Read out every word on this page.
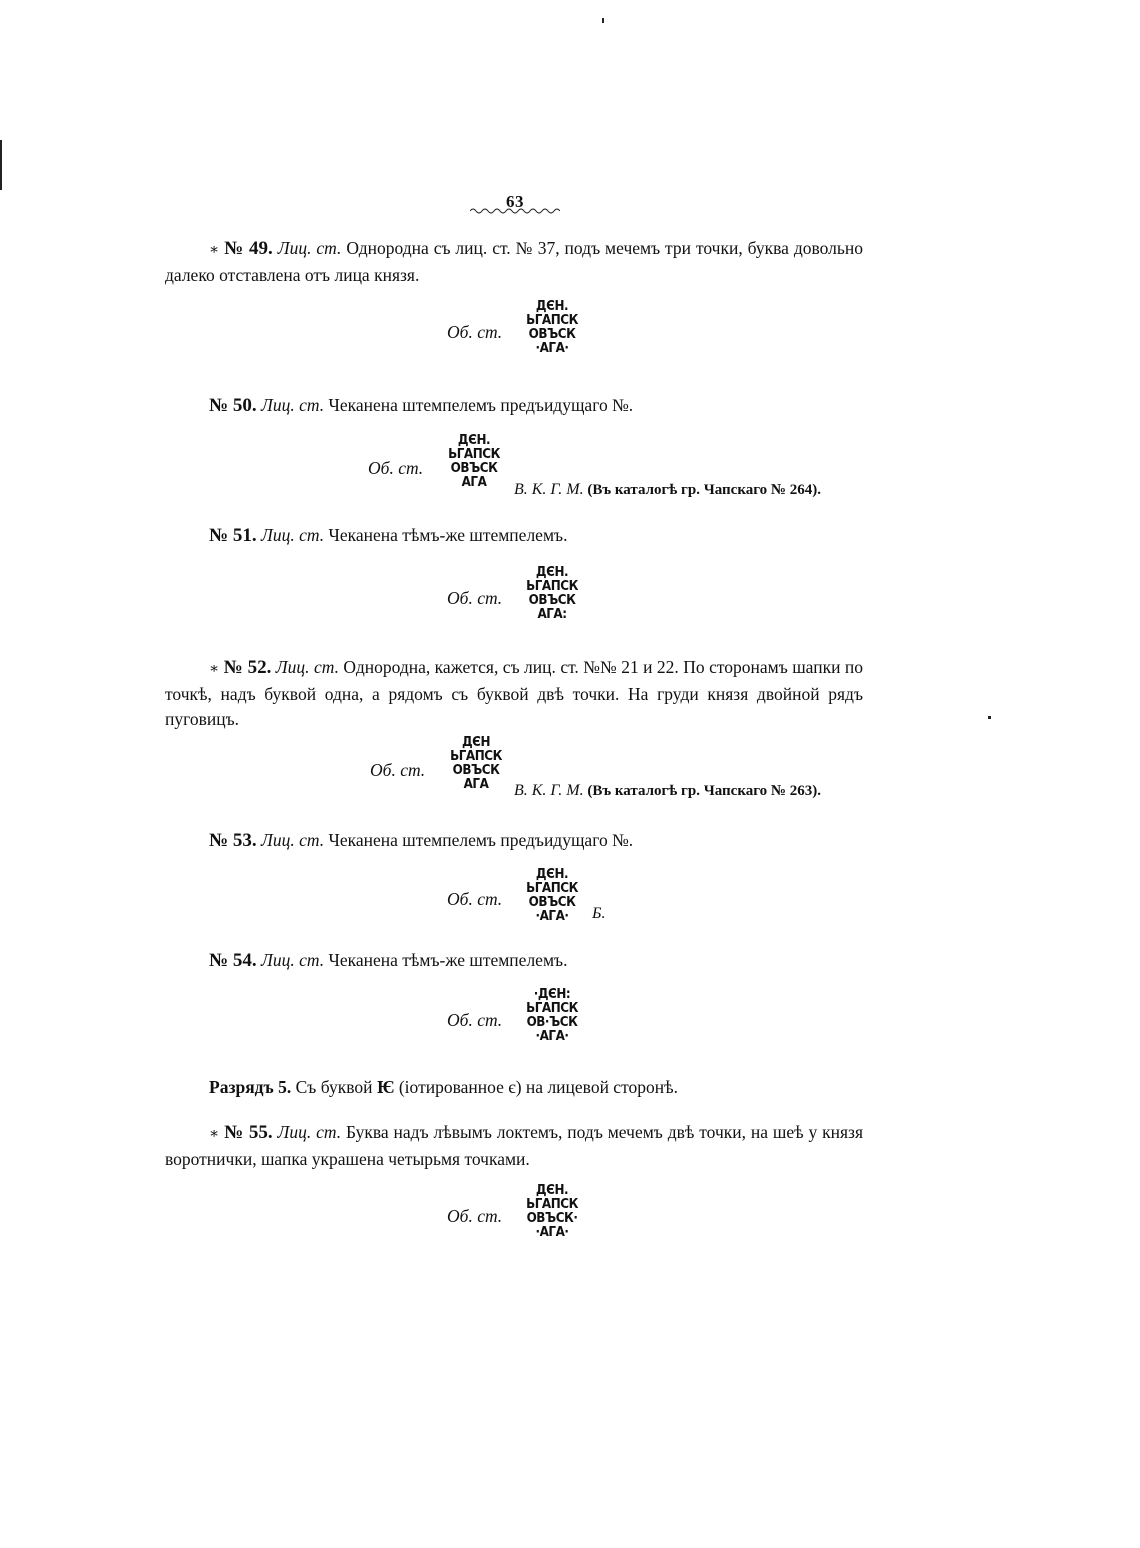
63
∗ № 49. Лиц. ст. Однородна съ лиц. ст. № 37, подъ мечемъ три точки, буква довольно далеко отставлена отъ лица князя.
Об. ст.
ДЄН.
ЬГАПСК
ОВЪСК
·АГА·
№ 50. Лиц. ст. Чеканена штемпелемъ предъидущаго №.
Об. ст.
ДЄН.
ЬГАПСК
ОВЪСК
АГА	В. К. Г. М. (Въ каталогѣ гр. Чапскаго № 264).
№ 51. Лиц. ст. Чеканена тѣмъ-же штемпелемъ.
Об. ст.
ДЄН.
ЬГАПСК
ОВЪСК
АГА:
∗ № 52. Лиц. ст. Однородна, кажется, съ лиц. ст. №№ 21 и 22. По сторонамъ шапки по точкѣ, надъ буквой одна, а рядомъ съ буквой двѣ точки. На груди князя двойной рядъ пуговицъ.
Об. ст.
ДЄН
ЬГАПСК
ОВЪСК
АГА	В. К. Г. М. (Въ каталогѣ гр. Чапскаго № 263).
№ 53. Лиц. ст. Чеканена штемпелемъ предъидущаго №.
Об. ст.
ДЄН.
ЬГАПСК
ОВЪСК
·АГА·	Б.
№ 54. Лиц. ст. Чеканена тѣмъ-же штемпелемъ.
Об. ст.
·ДЄН:
ЬГАПСК
ОВ·ЪСК
·АГА·
Разрядъ 5. Съ буквой Ѥ (іотированное є) на лицевой сторонѣ.
∗ № 55. Лиц. ст. Буква надъ лѣвымъ локтемъ, подъ мечемъ двѣ точки, на шеѣ у князя воротнички, шапка украшена четырьмя точками.
Об. ст.
ДЄН.
ЬГАПСК
ОВЪСК·
·АГА·
